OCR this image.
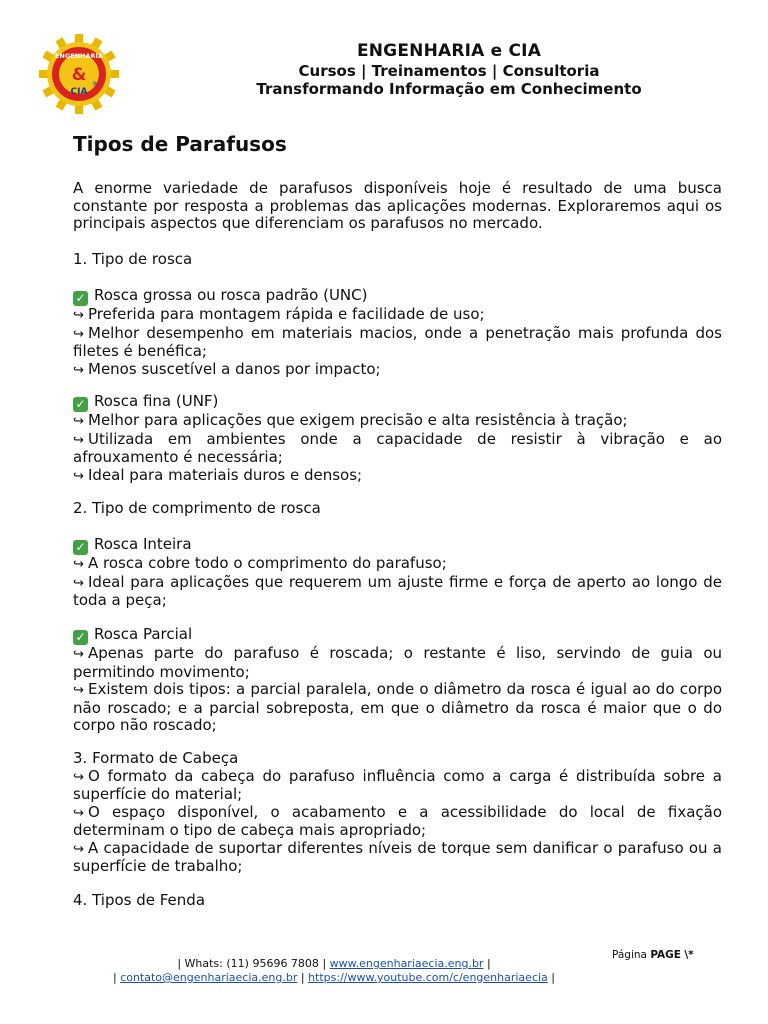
ENGENHARIA
&
CIA
®
ENGENHARIA e CIA
Cursos | Treinamentos | Consultoria
Transformando Informação em Conhecimento
Tipos de Parafusos
A enorme variedade de parafusos disponíveis hoje é resultado de uma busca constante por resposta a problemas das aplicações modernas. Exploraremos aqui os principais aspectos que diferenciam os parafusos no mercado.
1. Tipo de rosca
✓ Rosca grossa ou rosca padrão (UNC)
↪ Preferida para montagem rápida e facilidade de uso;
↪ Melhor desempenho em materiais macios, onde a penetração mais profunda dos filetes é benéfica;
↪ Menos suscetível a danos por impacto;
✓ Rosca fina (UNF)
↪ Melhor para aplicações que exigem precisão e alta resistência à tração;
↪ Utilizada em ambientes onde a capacidade de resistir à vibração e ao afrouxamento é necessária;
↪ Ideal para materiais duros e densos;
2. Tipo de comprimento de rosca
✓ Rosca Inteira
↪ A rosca cobre todo o comprimento do parafuso;
↪ Ideal para aplicações que requerem um ajuste firme e força de aperto ao longo de toda a peça;
✓ Rosca Parcial
↪ Apenas parte do parafuso é roscada; o restante é liso, servindo de guia ou permitindo movimento;
↪ Existem dois tipos: a parcial paralela, onde o diâmetro da rosca é igual ao do corpo não roscado; e a parcial sobreposta, em que o diâmetro da rosca é maior que o do corpo não roscado;
3. Formato de Cabeça
↪ O formato da cabeça do parafuso influência como a carga é distribuída sobre a superfície do material;
↪ O espaço disponível, o acabamento e a acessibilidade do local de fixação determinam o tipo de cabeça mais apropriado;
↪ A capacidade de suportar diferentes níveis de torque sem danificar o parafuso ou a superfície de trabalho;
4. Tipos de Fenda
Página PAGE \*
| Whats: (11) 95696 7808 | www.engenhariaecia.eng.br |
| contato@engenhariaecia.eng.br | https://www.youtube.com/c/engenhariaecia |
